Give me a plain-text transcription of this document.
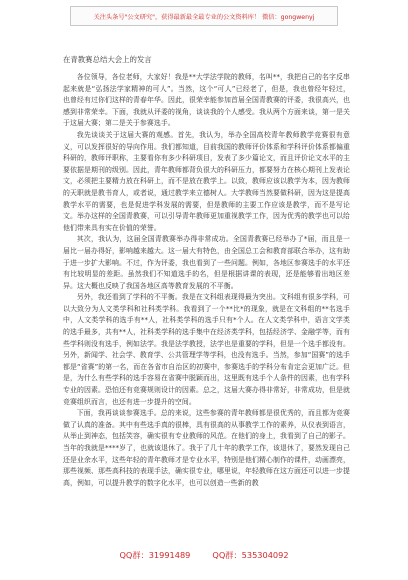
关注头条号"公文研究"，获得最新最全最专业的公文资料库！ 微信：gongwenyj
在青教赛总结大会上的发言

各位领导，各位老师，大家好！我是**大学法学院的教师，名叫**，我把自己的名字反串起来就是“弘扬法学家精神的可人”。当然，这个“可人”已经老了，但是，我也曾经年轻过，也曾经有过你们这样的青春年华。因此，很荣幸能参加首届全国青教赛的评委，我很高兴，也感到非常荣幸。下面，我就从评委的视角，谈谈我的个人感受。我从两个方面来谈，第一是关于这届大赛；第二是关于参赛选手。

我先谈谈关于这届大赛的观感。首先，我认为，举办全国高校青年教师教学竞赛很有意义，可以发挥很好的导向作用。我们都知道，目前我国的教师评价体系和学科评价体系都偏重科研的，教师评职称，主要看你有多少科研项目，发表了多少篇论文，而且评价论文水平的主要依据是期刊的级别。因此，青年教师都背负很大的科研压力，都要努力在核心期刊上发表论文，必须把主要精力放在科研上，而不是放在教学上。以致，教师应该以教学为本，因为教师的天职就是教书育人，或者说，通过教学来立德树人。大学教师当然要做科研，因为这是提高教学水平的需要，也是促进学科发展的需要，但是教师的主要工作应该是教学，而不是写论文。举办这样的全国青教赛，可以引导青年教师更加重视教学工作，因为优秀的教学也可以给他们带来具有实在价值的荣誉。

其次，我认为，这届全国青教赛举办得非常成功。全国青教赛已经举办了*届，而且是一届比一届办得好，影响越来越大。这一届大有特色，由全国总工会和教育部联合举办，这有助于进一步扩大影响。不过，作为评委，我也看到了一些问题。例如，各地区参赛选手的水平还有比较明显的差距。虽然我们不知道选手的名，但是根据讲课的表现，还是能够看出地区差异。这大概也反映了我国各地区高等教育发展的不平衡。

另外，我还看到了学科的不平衡。我是在文科组表现得最为突出。文科组有很多学科，可以大致分为人文类学科和社科类学科。我看到了一个**比*的现象，就是在文科组的**名选手中，人文类学科的选手有**人，社科类学科的选手只有*个人。在人文类学科中，语言文学类的选手最多，共有**人，社科类学科的选手集中在经济类学科，包括经济学、金融学等，而有些学科则没有选手，例如法学。我是法学教授，法学也是重要的学科，但是一个选手都没有。另外，新闻学、社会学、教育学、公共管理学等学科，也没有选手。当然，参加“国赛”的选手都是“省赛”的第一名，而在各省市自治区的初赛中，参赛选手的学科分布肯定会更加广泛。但是，为什么有些学科的选手容易在省赛中脱颖而出，这里既有选手个人条件的因素，也有学科专业的因素。恐怕还有竞赛规则设计的因素。总之，这届大赛办得非常好，非常成功，但是就竞赛组织而言，也还有进一步提升的空间。

下面，我再谈谈参赛选手。总的来说，这些参赛的青年教师都是很优秀的，而且都为竞赛做了认真的准备。其中有些选手真的很棒，具有很高的从事教学工作的素养，从仪表到语言，从举止到神态，包括笑容，确实很有专业教师的风范。在他们的身上，我看到了自己的影子。当年的我就是****岁了，也就该退休了。我于了几十年的教学工作，该退休了，要然发现自己还是业余水平，这些年轻的青年教师才是专业水平，特别是他们精心制作的课件，动画漂亮，那些视频、那些高科技的表现手法，确实很专业，哪里说，年轻教师在这方面还可以进一步提高，例如，可以提升教学的数字化水平，也可以创造一些新的教

QQ群：31991489	QQ群：535304092
